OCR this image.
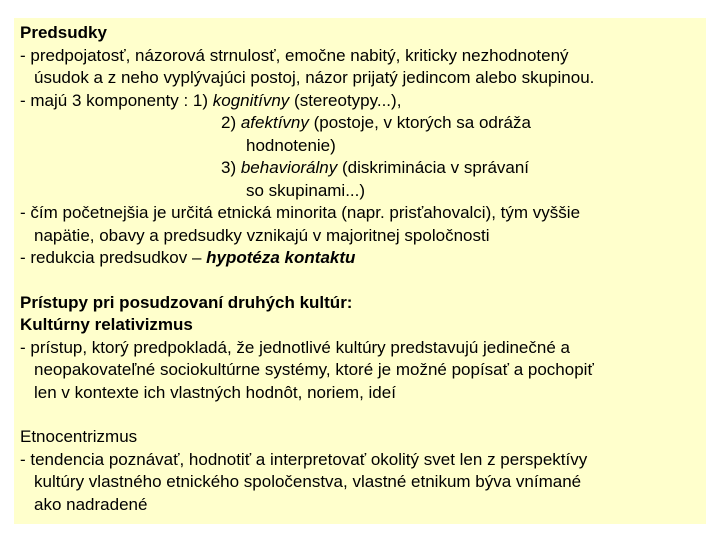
Predsudky
- predpojatosť, názorová strnulosť, emočne nabitý, kriticky nezhodnotený
úsudok a z neho vyplývajúci postoj, názor prijatý jedincom alebo skupinou.
- majú 3 komponenty : 1) kognitívny (stereotypy...),
2) afektívny (postoje, v ktorých sa odráža
hodnotenie)
3) behaviorálny (diskriminácia v správaní
so skupinami...)
- čím početnejšia je určitá etnická minorita (napr. prisťahovalci), tým vyššie
napätie, obavy a predsudky vznikajú v majoritnej spoločnosti
- redukcia predsudkov – hypotéza kontaktu
Prístupy pri posudzovaní druhých kultúr:
Kultúrny relativizmus
- prístup, ktorý predpokladá, že jednotlivé kultúry predstavujú jedinečné a
neopakovateľné sociokultúrne systémy, ktoré je možné popísať a pochopiť
len v kontexte ich vlastných hodnôt, noriem, ideí
Etnocentrizmus
- tendencia poznávať, hodnotiť a interpretovať okolitý svet len z perspektívy
kultúry vlastného etnického spoločenstva, vlastné etnikum býva vnímané
ako nadradené
